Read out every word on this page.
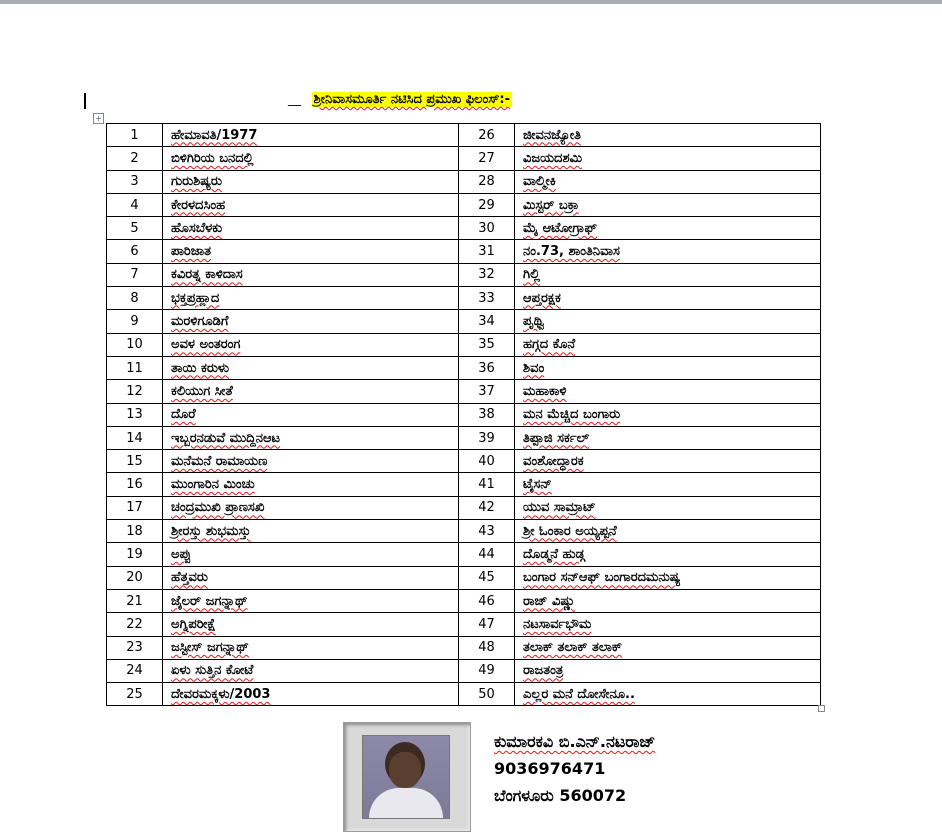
+
__ ಶ್ರೀನಿವಾಸಮೂರ್ತಿ ನಟಿಸಿದ ಪ್ರಮುಖ ಫಿಲಂಸ್:-
1	ಹೇಮಾವತಿ/1977	26	ಜೀವನಜ್ಯೋತಿ
2	ಬಿಳಿಗಿರಿಯ ಬನದಲ್ಲಿ	27	ವಿಜಯದಶಮಿ
3	ಗುರುಶಿಷ್ಯರು	28	ವಾಲ್ಮೀಕಿ
4	ಕೇರಳದಸಿಂಹ	29	ಮಿಸ್ಟರ್ ಬಕ್ರಾ
5	ಹೊಸಬೆಳಕು	30	ಮೈ ಆಟೋಗ್ರಾಫ್
6	ಪಾರಿಜಾತ	31	ನಂ.73, ಶಾಂತಿನಿವಾಸ
7	ಕವಿರತ್ನ ಕಾಳಿದಾಸ	32	ಗಿಲ್ಲಿ
8	ಭಕ್ತಪ್ರಹ್ಲಾದ	33	ಆಪ್ತರಕ್ಷಕ
9	ಮರಳಿಗೂಡಿಗೆ	34	ಪೃಥ್ವಿ
10	ಅವಳ ಅಂತರಂಗ	35	ಹಗ್ಗದ ಕೊನೆ
11	ತಾಯಿ ಕರುಳು	36	ಶಿವಂ
12	ಕಲಿಯುಗ ಸೀತೆ	37	ಮಹಾಕಾಳಿ
13	ದೊರೆ	38	ಮನ ಮೆಚ್ಚಿದ ಬಂಗಾರು
14	ಇಬ್ಬರನಡುವೆ ಮುದ್ದಿನಆಟ	39	ತಿಪ್ಪಾಜಿ ಸರ್ಕಲ್
15	ಮನೆಮನೆ ರಾಮಾಯಣ	40	ವಂಶೋದ್ಧಾರಕ
16	ಮುಂಗಾರಿನ ಮಿಂಚು	41	ಟೈಸನ್
17	ಚಂದ್ರಮುಖಿ ಪ್ರಾಣಸಖಿ	42	ಯುವ ಸಾಮ್ರಾಟ್
18	ಶ್ರೀರಸ್ತು ಶುಭಮಸ್ತು	43	ಶ್ರೀ ಓಂಕಾರ ಅಯ್ಯಪ್ಪನೆ
19	ಅಪ್ಪು	44	ದೊಡ್ಮನೆ ಹುಡ್ಗ
20	ಹೆತ್ತವರು	45	ಬಂಗಾರ ಸನ್ಆಫ್ ಬಂಗಾರದಮನುಷ್ಯ
21	ಜೈಲರ್ ಜಗನ್ನಾಥ್	46	ರಾಜ್ ವಿಷ್ಣು
22	ಅಗ್ನಿಪರೀಕ್ಷೆ	47	ನಟಸಾರ್ವಭೌಮ
23	ಜಸ್ಟೀಸ್ ಜಗನ್ನಾಥ್	48	ತಲಾಕ್ ತಲಾಕ್ ತಲಾಕ್
24	ಏಳು ಸುತ್ತಿನ ಕೋಟೆ	49	ರಾಜತಂತ್ರ
25	ದೇವರಮಕ್ಕಳು/2003	50	ಎಲ್ಲರ ಮನೆ ದೋಸೇನೂ..
ಕುಮಾರಕವಿ ಬಿ.ಎನ್.ನಟರಾಜ್
9036976471
ಬೆಂಗಳೂರು 560072
